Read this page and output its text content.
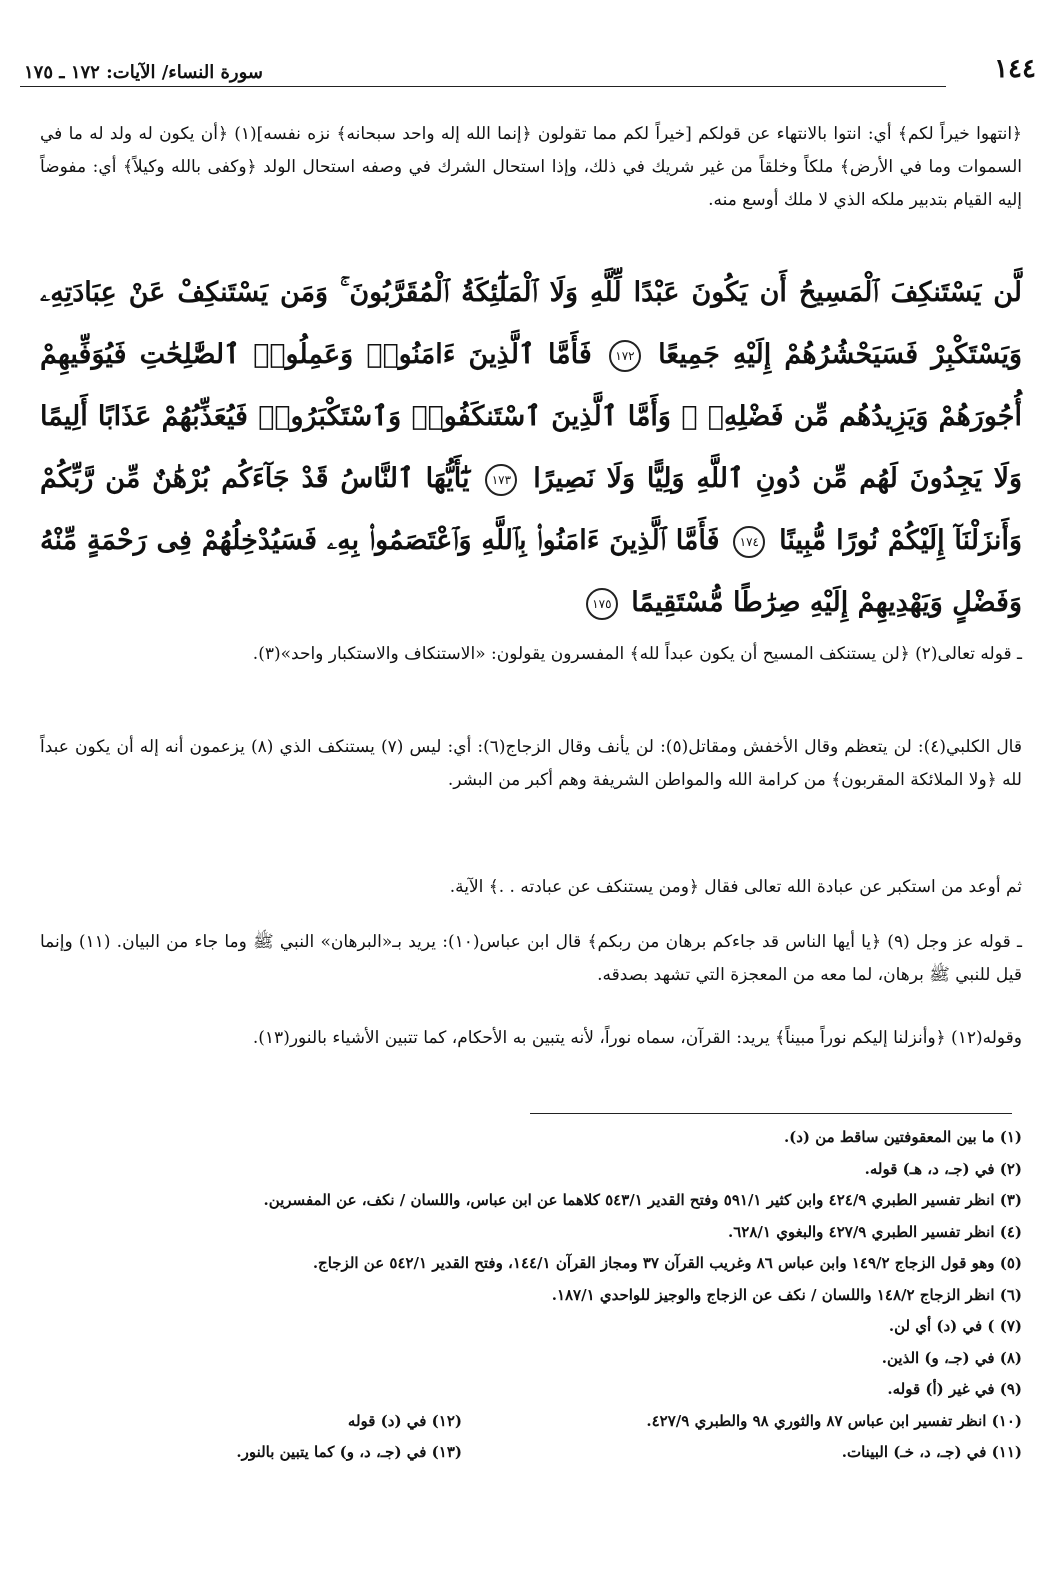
١٤٤
سورة النساء/ الآيات: ١٧٢ ـ ١٧٥

﴿انتهوا خيراً لكم﴾ أي: انتوا بالانتهاء عن قولكم [خيراً لكم مما تقولون ﴿إنما الله إله واحد سبحانه﴾ نزه نفسه](١) ﴿أن يكون له ولد له ما في السموات وما في الأرض﴾ ملكاً وخلقاً من غير شريك في ذلك، وإذا استحال الشرك في وصفه استحال الولد ﴿وكفى بالله وكيلاً﴾ أي: مفوضاً إليه القيام بتدبير ملكه الذي لا ملك أوسع منه.

لَّن يَسْتَنكِفَ ٱلْمَسِيحُ أَن يَكُونَ عَبْدًا لِّلَّهِ وَلَا ٱلْمَلَٰٓئِكَةُ ٱلْمُقَرَّبُونَ ۚ وَمَن يَسْتَنكِفْ عَنْ عِبَادَتِهِۦ وَيَسْتَكْبِرْ فَسَيَحْشُرُهُمْ إِلَيْهِ جَمِيعًا ١٧٢ فَأَمَّا ٱلَّذِينَ ءَامَنُوا۟ وَعَمِلُوا۟ ٱلصَّٰلِحَٰتِ فَيُوَفِّيهِمْ أُجُورَهُمْ وَيَزِيدُهُم مِّن فَضْلِهِۦ ۖ وَأَمَّا ٱلَّذِينَ ٱسْتَنكَفُوا۟ وَٱسْتَكْبَرُوا۟ فَيُعَذِّبُهُمْ عَذَابًا أَلِيمًا وَلَا يَجِدُونَ لَهُم مِّن دُونِ ٱللَّهِ وَلِيًّا وَلَا نَصِيرًا ١٧٣ يَٰٓأَيُّهَا ٱلنَّاسُ قَدْ جَآءَكُم بُرْهَٰنٌ مِّن رَّبِّكُمْ وَأَنزَلْنَآ إِلَيْكُمْ نُورًا مُّبِينًا ١٧٤ فَأَمَّا ٱلَّذِينَ ءَامَنُوا۟ بِٱللَّهِ وَٱعْتَصَمُوا۟ بِهِۦ فَسَيُدْخِلُهُمْ فِى رَحْمَةٍ مِّنْهُ وَفَضْلٍ وَيَهْدِيهِمْ إِلَيْهِ صِرَٰطًا مُّسْتَقِيمًا ١٧٥

ـ قوله تعالى(٢) ﴿لن يستنكف المسيح أن يكون عبداً لله﴾ المفسرون يقولون: «الاستنكاف والاستكبار واحد»(٣).

قال الكلبي(٤): لن يتعظم وقال الأخفش ومقاتل(٥): لن يأنف وقال الزجاج(٦): أي: ليس (٧) يستنكف الذي (٨) يزعمون أنه إله أن يكون عبداً لله ﴿ولا الملائكة المقربون﴾ من كرامة الله والمواطن الشريفة وهم أكبر من البشر.

ثم أوعد من استكبر عن عبادة الله تعالى فقال ﴿ومن يستنكف عن عبادته . .﴾ الآية.

ـ قوله عز وجل (٩) ﴿يا أيها الناس قد جاءكم برهان من ربكم﴾ قال ابن عباس(١٠): يريد بـ«البرهان» النبي ﷺ وما جاء من البيان. (١١) وإنما قيل للنبي ﷺ برهان، لما معه من المعجزة التي تشهد بصدقه.

وقوله(١٢) ﴿وأنزلنا إليكم نوراً مبيناً﴾ يريد: القرآن، سماه نوراً، لأنه يتبين به الأحكام، كما تتبين الأشياء بالنور(١٣).

(١) ما بين المعقوفتين ساقط من (د).

(٢) في (جـ، د، هـ) قوله.

(٣) انظر تفسير الطبري ٤٢٤/٩ وابن كثير ٥٩١/١ وفتح القدير ٥٤٣/١ كلاهما عن ابن عباس، واللسان / نكف، عن المفسرين.

(٤) انظر تفسير الطبري ٤٢٧/٩ والبغوي ٦٢٨/١.

(٥) وهو قول الزجاج ١٤٩/٢ وابن عباس ٨٦ وغريب القرآن ٣٧ ومجاز القرآن ١٤٤/١، وفتح القدير ٥٤٢/١ عن الزجاج.

(٦) انظر الزجاج ١٤٨/٢ واللسان / نكف عن الزجاج والوجيز للواحدي ١٨٧/١.

(٧) ) في (د) أي لن.

(٨) في (جـ، و) الذين.

(٩) في غير (أ) قوله.

(١٠) انظر تفسير ابن عباس ٨٧ والثوري ٩٨ والطبري ٤٢٧/٩.

(١٢) في (د) قوله

(١١) في (جـ، د، خـ) البينات.

(١٣) في (جـ، د، و) كما يتبين بالنور.
